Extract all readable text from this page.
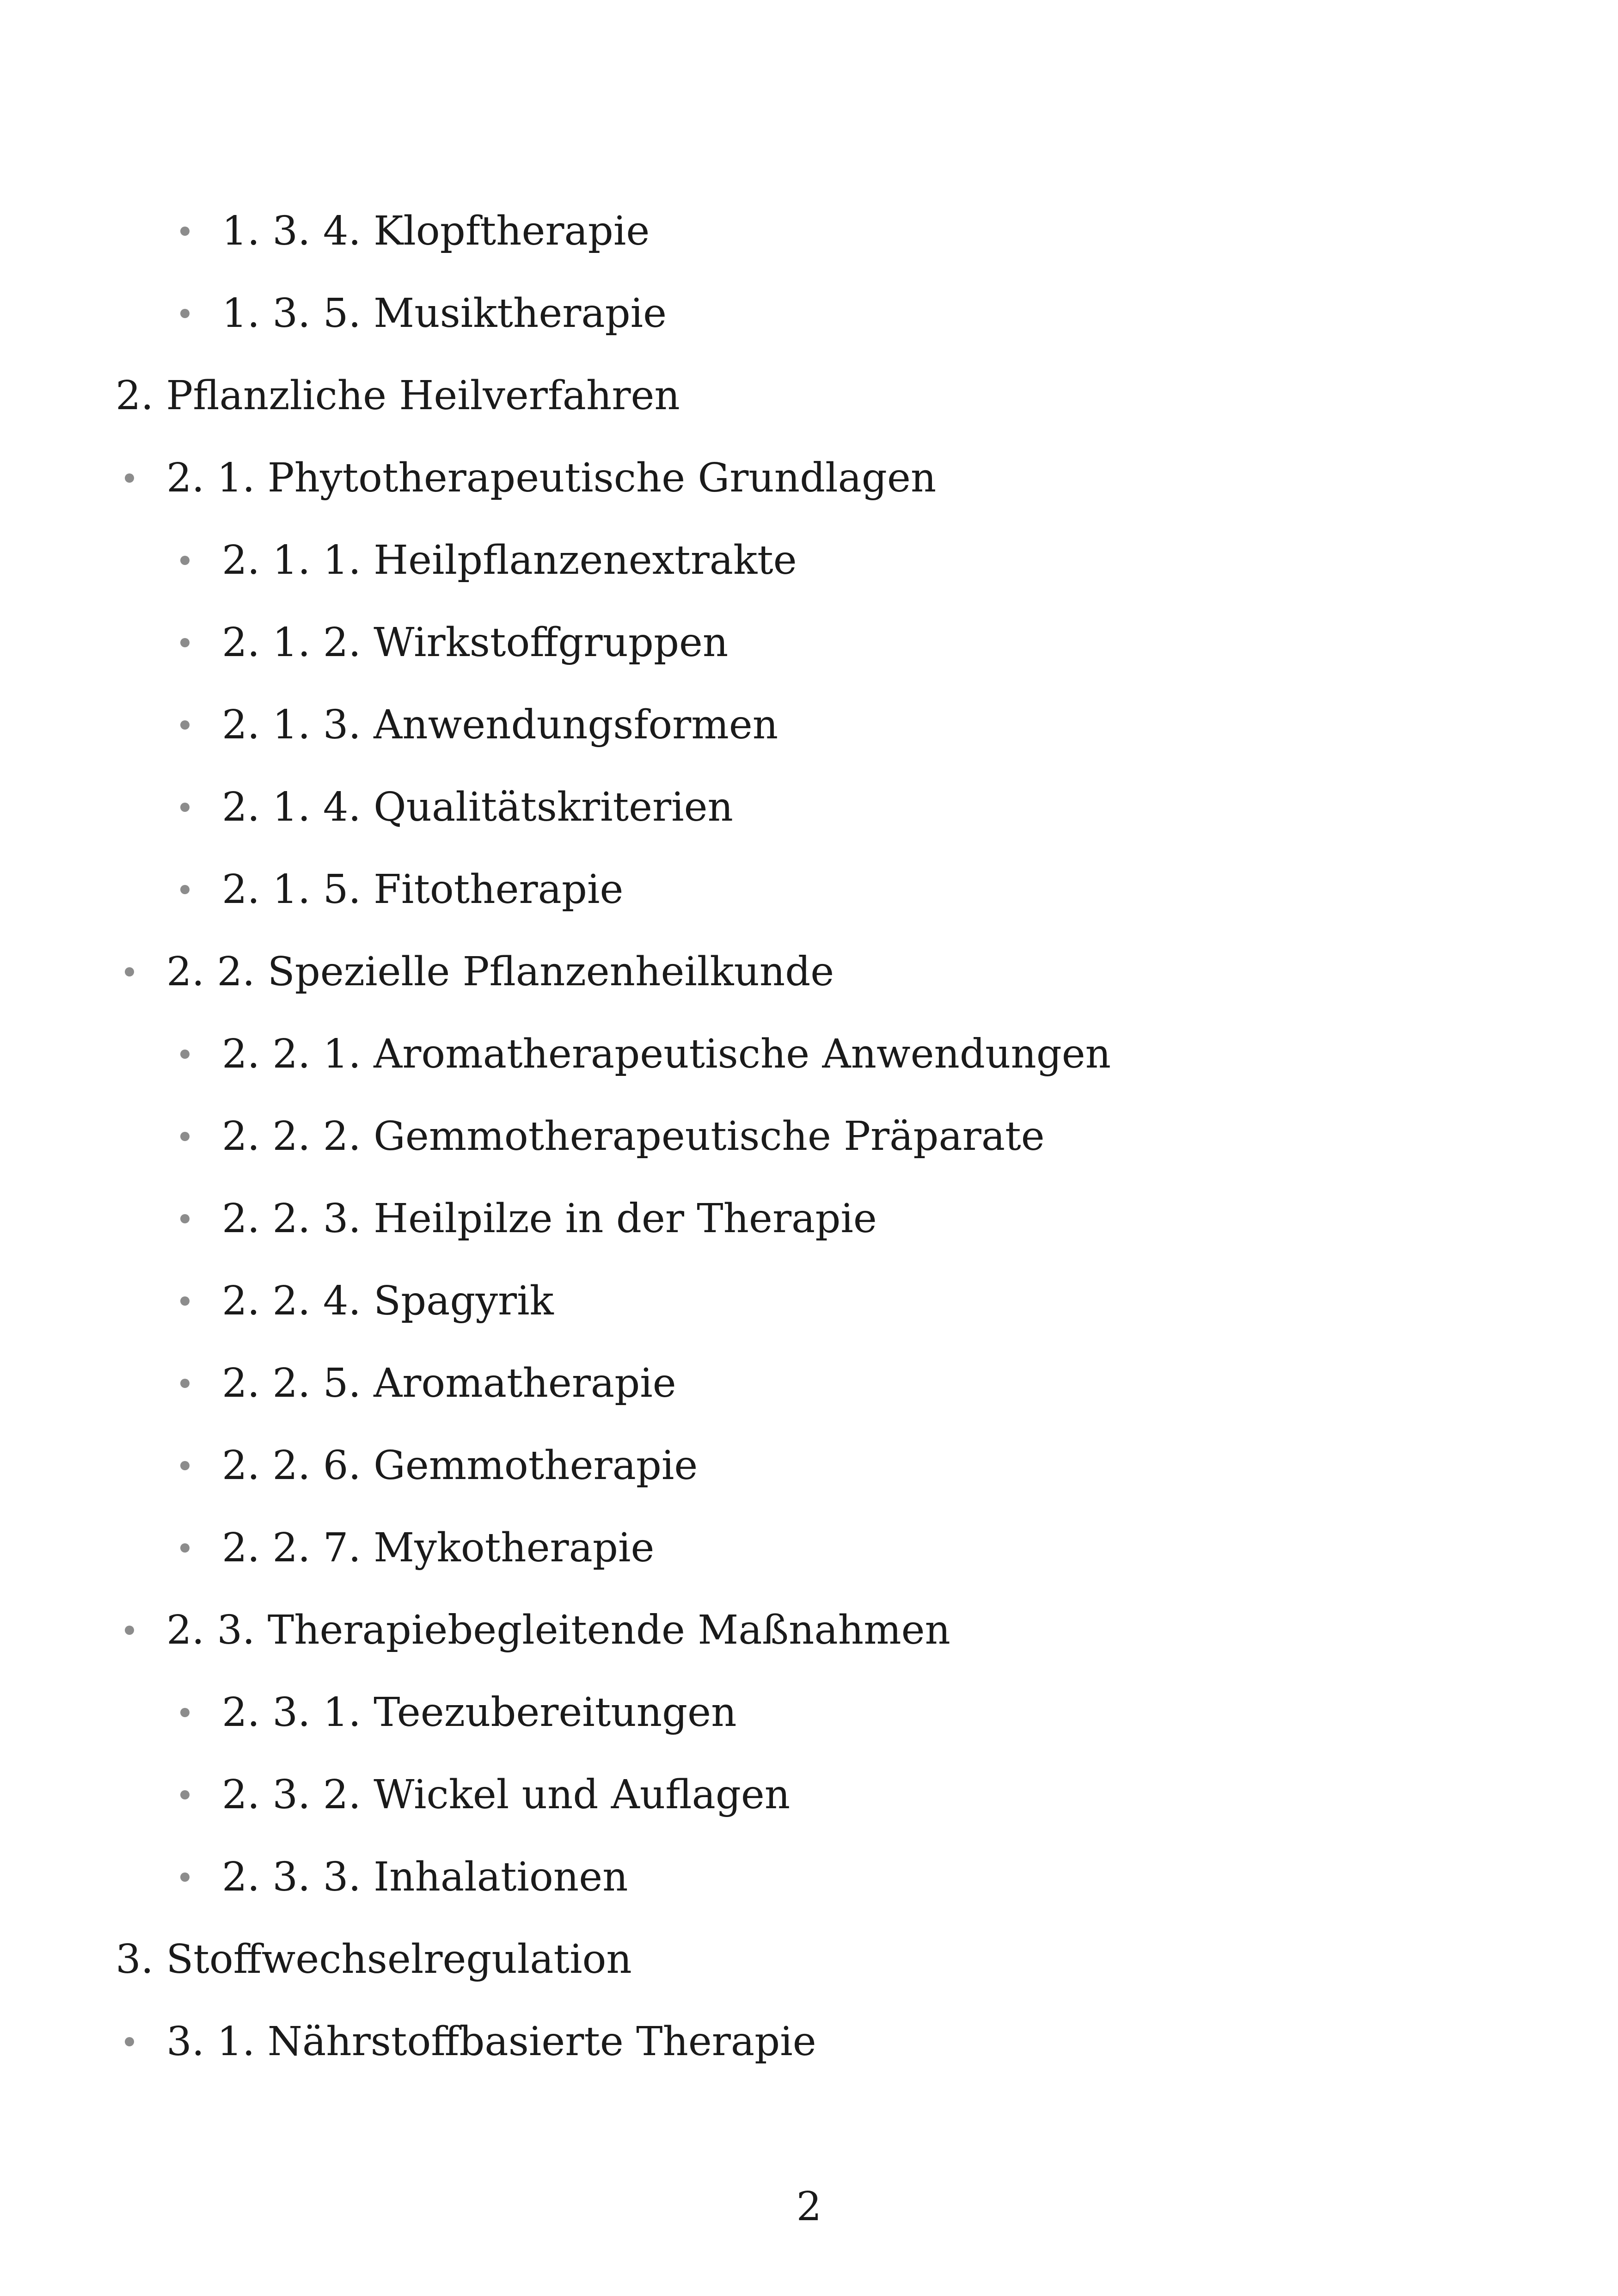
1. 3. 4. Klopftherapie
1. 3. 5. Musiktherapie
2. Pflanzliche Heilverfahren
2. 1. Phytotherapeutische Grundlagen
2. 1. 1. Heilpflanzenextrakte
2. 1. 2. Wirkstoffgruppen
2. 1. 3. Anwendungsformen
2. 1. 4. Qualitätskriterien
2. 1. 5. Fitotherapie
2. 2. Spezielle Pflanzenheilkunde
2. 2. 1. Aromatherapeutische Anwendungen
2. 2. 2. Gemmotherapeutische Präparate
2. 2. 3. Heilpilze in der Therapie
2. 2. 4. Spagyrik
2. 2. 5. Aromatherapie
2. 2. 6. Gemmotherapie
2. 2. 7. Mykotherapie
2. 3. Therapiebegleitende Maßnahmen
2. 3. 1. Teezubereitungen
2. 3. 2. Wickel und Auflagen
2. 3. 3. Inhalationen
3. Stoffwechselregulation
3. 1. Nährstoffbasierte Therapie
2
